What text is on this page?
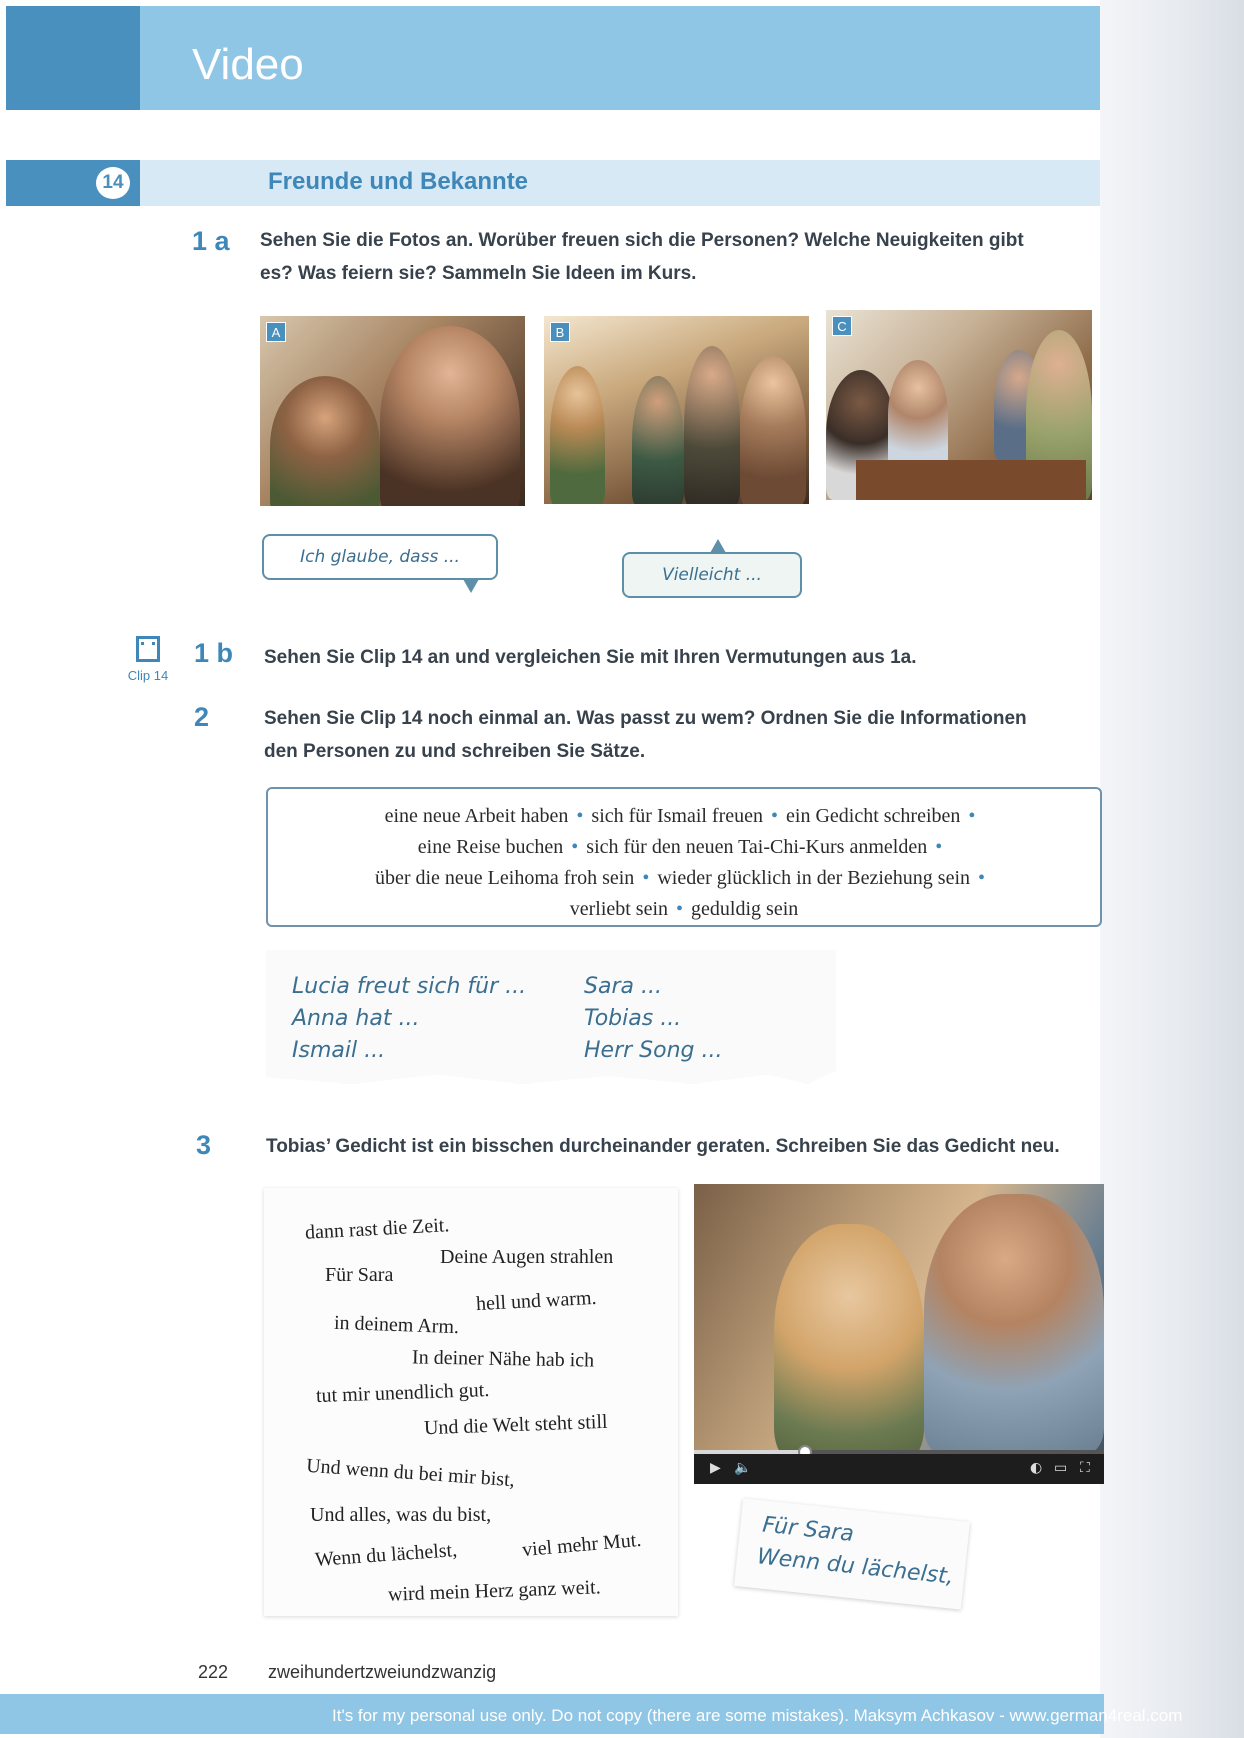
Video
14	Freunde und Bekannte
1 a Sehen Sie die Fotos an. Worüber freuen sich die Personen? Welche Neuigkeiten gibt
es? Was feiern sie? Sammeln Sie Ideen im Kurs.
A	B	C
Ich glaube, dass ...
Vielleicht ...
Clip 14
1 b Sehen Sie Clip 14 an und vergleichen Sie mit Ihren Vermutungen aus 1a.
2	Sehen Sie Clip 14 noch einmal an. Was passt zu wem? Ordnen Sie die Informationen
den Personen zu und schreiben Sie Sätze.
eine neue Arbeit haben • sich für Ismail freuen • ein Gedicht schreiben •
eine Reise buchen • sich für den neuen Tai-Chi-Kurs anmelden •
über die neue Leihoma froh sein • wieder glücklich in der Beziehung sein •
verliebt sein • geduldig sein
Lucia freut sich für ...
Anna hat ...
Ismail ...
Sara ...
Tobias ...
Herr Song ...
3	Tobias’ Gedicht ist ein bisschen durcheinander geraten. Schreiben Sie das Gedicht neu.
dann rast die Zeit.
Deine Augen strahlen
Für Sara
hell und warm.
in deinem Arm.
In deiner Nähe hab ich
tut mir unendlich gut.
Und die Welt steht still
Und wenn du bei mir bist,
Und alles, was du bist,
Wenn du lächelst,	viel mehr Mut.
wird mein Herz ganz weit.
▶ 🔈	◐ ▭ ⛶
Für Sara
Wenn du lächelst,
222 zweihundertzweiundzwanzig
It's for my personal use only. Do not copy (there are some mistakes). Maksym Achkasov - www.german4real.com
